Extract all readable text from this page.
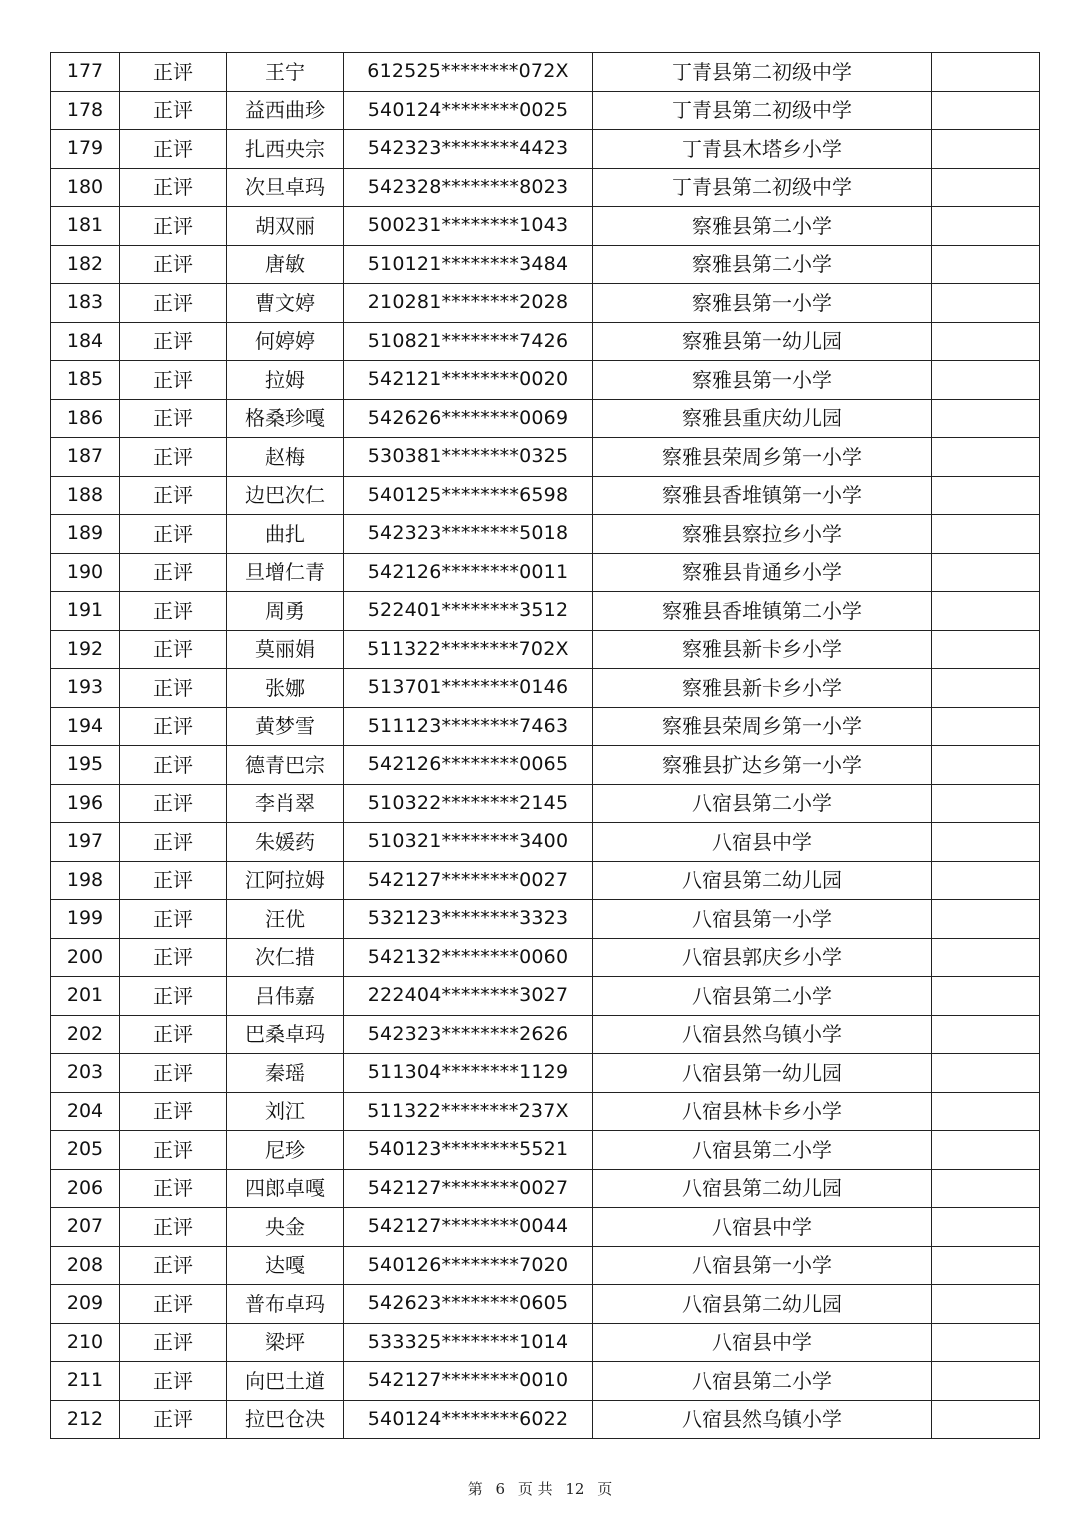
177	正评	王宁	612525********072X	丁青县第二初级中学	
178	正评	益西曲珍	540124********0025	丁青县第二初级中学	
179	正评	扎西央宗	542323********4423	丁青县木塔乡小学	
180	正评	次旦卓玛	542328********8023	丁青县第二初级中学	
181	正评	胡双丽	500231********1043	察雅县第二小学	
182	正评	唐敏	510121********3484	察雅县第二小学	
183	正评	曹文婷	210281********2028	察雅县第一小学	
184	正评	何婷婷	510821********7426	察雅县第一幼儿园	
185	正评	拉姆	542121********0020	察雅县第一小学	
186	正评	格桑珍嘎	542626********0069	察雅县重庆幼儿园	
187	正评	赵梅	530381********0325	察雅县荣周乡第一小学	
188	正评	边巴次仁	540125********6598	察雅县香堆镇第一小学	
189	正评	曲扎	542323********5018	察雅县察拉乡小学	
190	正评	旦增仁青	542126********0011	察雅县肯通乡小学	
191	正评	周勇	522401********3512	察雅县香堆镇第二小学	
192	正评	莫丽娟	511322********702X	察雅县新卡乡小学	
193	正评	张娜	513701********0146	察雅县新卡乡小学	
194	正评	黄梦雪	511123********7463	察雅县荣周乡第一小学	
195	正评	德青巴宗	542126********0065	察雅县扩达乡第一小学	
196	正评	李肖翠	510322********2145	八宿县第二小学	
197	正评	朱媛药	510321********3400	八宿县中学	
198	正评	江阿拉姆	542127********0027	八宿县第二幼儿园	
199	正评	汪优	532123********3323	八宿县第一小学	
200	正评	次仁措	542132********0060	八宿县郭庆乡小学	
201	正评	吕伟嘉	222404********3027	八宿县第二小学	
202	正评	巴桑卓玛	542323********2626	八宿县然乌镇小学	
203	正评	秦瑶	511304********1129	八宿县第一幼儿园	
204	正评	刘江	511322********237X	八宿县林卡乡小学	
205	正评	尼珍	540123********5521	八宿县第二小学	
206	正评	四郎卓嘎	542127********0027	八宿县第二幼儿园	
207	正评	央金	542127********0044	八宿县中学	
208	正评	达嘎	540126********7020	八宿县第一小学	
209	正评	普布卓玛	542623********0605	八宿县第二幼儿园	
210	正评	梁坪	533325********1014	八宿县中学	
211	正评	向巴土道	542127********0010	八宿县第二小学	
212	正评	拉巴仓决	540124********6022	八宿县然乌镇小学	
第 6 页 共 12 页
